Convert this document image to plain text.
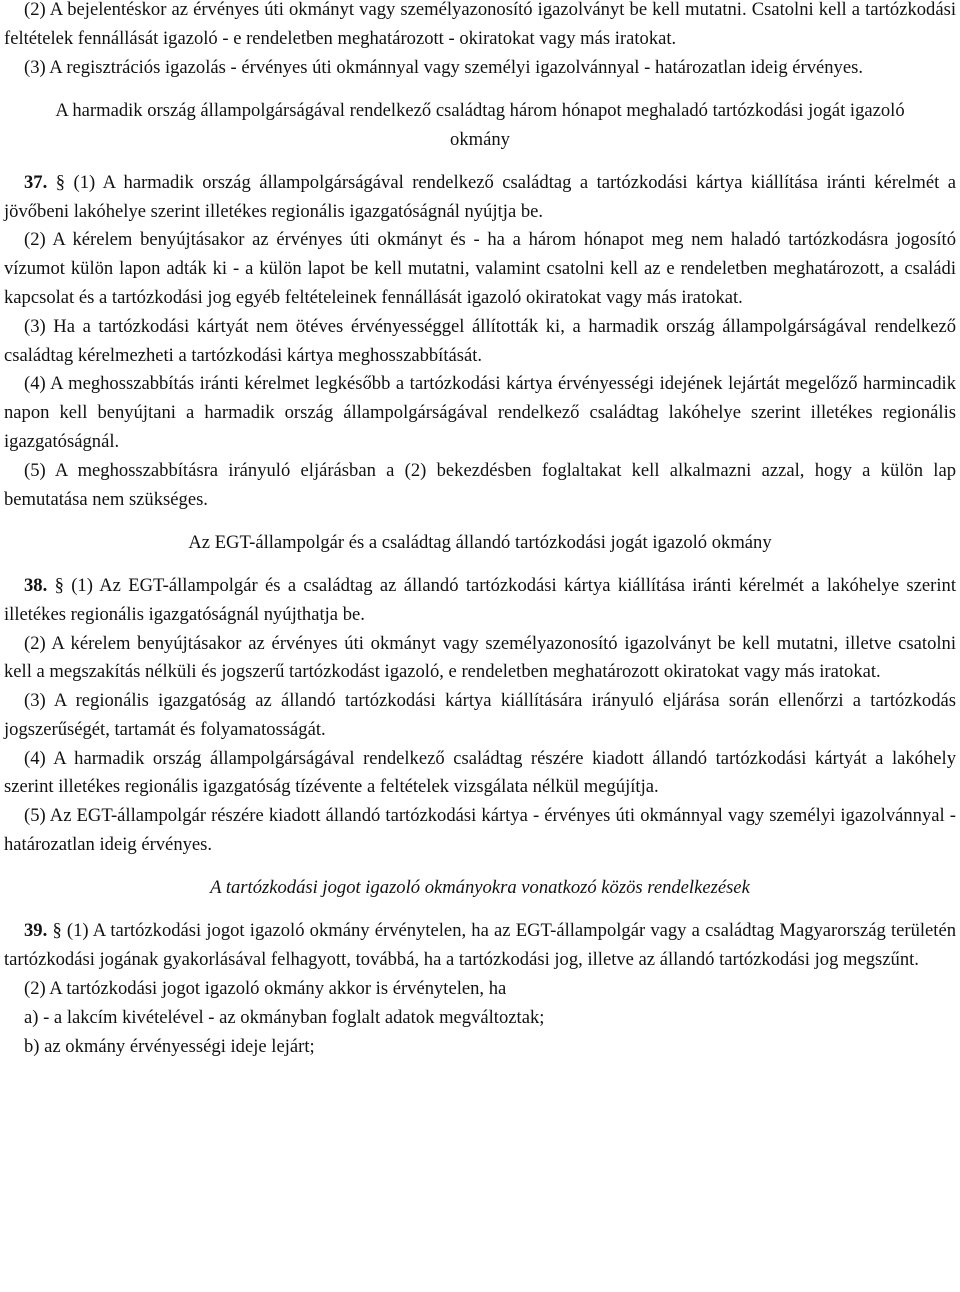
(2) A bejelentéskor az érvényes úti okmányt vagy személyazonosító igazolványt be kell mutatni. Csatolni kell a tartózkodási feltételek fennállását igazoló - e rendeletben meghatározott - okiratokat vagy más iratokat.

(3) A regisztrációs igazolás - érvényes úti okmánnyal vagy személyi igazolvánnyal - határozatlan ideig érvényes.

A harmadik ország állampolgárságával rendelkező családtag három hónapot meghaladó tartózkodási jogát igazoló okmány

37. § (1) A harmadik ország állampolgárságával rendelkező családtag a tartózkodási kártya kiállítása iránti kérelmét a jövőbeni lakóhelye szerint illetékes regionális igazgatóságnál nyújtja be.

(2) A kérelem benyújtásakor az érvényes úti okmányt és - ha a három hónapot meg nem haladó tartózkodásra jogosító vízumot külön lapon adták ki - a külön lapot be kell mutatni, valamint csatolni kell az e rendeletben meghatározott, a családi kapcsolat és a tartózkodási jog egyéb feltételeinek fennállását igazoló okiratokat vagy más iratokat.

(3) Ha a tartózkodási kártyát nem ötéves érvényességgel állították ki, a harmadik ország állampolgárságával rendelkező családtag kérelmezheti a tartózkodási kártya meghosszabbítását.

(4) A meghosszabbítás iránti kérelmet legkésőbb a tartózkodási kártya érvényességi idejének lejártát megelőző harmincadik napon kell benyújtani a harmadik ország állampolgárságával rendelkező családtag lakóhelye szerint illetékes regionális igazgatóságnál.

(5) A meghosszabbításra irányuló eljárásban a (2) bekezdésben foglaltakat kell alkalmazni azzal, hogy a külön lap bemutatása nem szükséges.

Az EGT-állampolgár és a családtag állandó tartózkodási jogát igazoló okmány

38. § (1) Az EGT-állampolgár és a családtag az állandó tartózkodási kártya kiállítása iránti kérelmét a lakóhelye szerint illetékes regionális igazgatóságnál nyújthatja be.

(2) A kérelem benyújtásakor az érvényes úti okmányt vagy személyazonosító igazolványt be kell mutatni, illetve csatolni kell a megszakítás nélküli és jogszerű tartózkodást igazoló, e rendeletben meghatározott okiratokat vagy más iratokat.

(3) A regionális igazgatóság az állandó tartózkodási kártya kiállítására irányuló eljárása során ellenőrzi a tartózkodás jogszerűségét, tartamát és folyamatosságát.

(4) A harmadik ország állampolgárságával rendelkező családtag részére kiadott állandó tartózkodási kártyát a lakóhely szerint illetékes regionális igazgatóság tízévente a feltételek vizsgálata nélkül megújítja.

(5) Az EGT-állampolgár részére kiadott állandó tartózkodási kártya - érvényes úti okmánnyal vagy személyi igazolvánnyal - határozatlan ideig érvényes.

A tartózkodási jogot igazoló okmányokra vonatkozó közös rendelkezések

39. § (1) A tartózkodási jogot igazoló okmány érvénytelen, ha az EGT-állampolgár vagy a családtag Magyarország területén tartózkodási jogának gyakorlásával felhagyott, továbbá, ha a tartózkodási jog, illetve az állandó tartózkodási jog megszűnt.

(2) A tartózkodási jogot igazoló okmány akkor is érvénytelen, ha

a) - a lakcím kivételével - az okmányban foglalt adatok megváltoztak;

b) az okmány érvényességi ideje lejárt;
